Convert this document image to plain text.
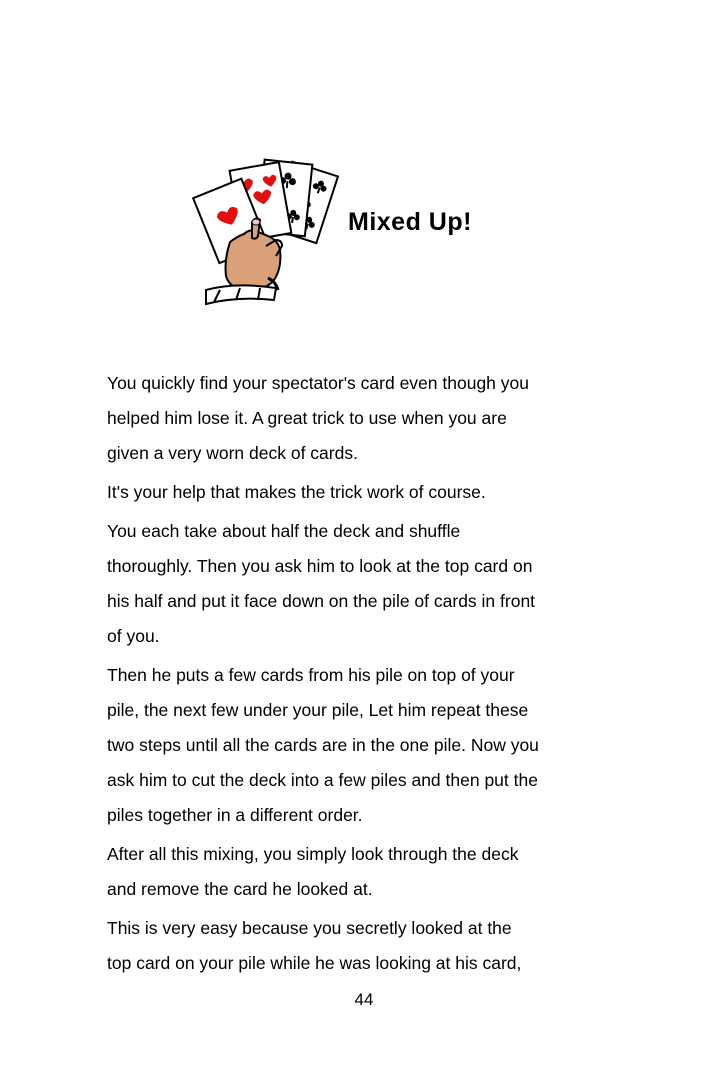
Mixed Up!

You quickly find your spectator's card even though you
helped him lose it. A great trick to use when you are
given a very worn deck of cards.

It's your help that makes the trick work of course.

You each take about half the deck and shuffle
thoroughly. Then you ask him to look at the top card on
his half and put it face down on the pile of cards in front
of you.

Then he puts a few cards from his pile on top of your
pile, the next few under your pile, Let him repeat these
two steps until all the cards are in the one pile. Now you
ask him to cut the deck into a few piles and then put the
piles together in a different order.

After all this mixing, you simply look through the deck
and remove the card he looked at.

This is very easy because you secretly looked at the
top card on your pile while he was looking at his card,

44
